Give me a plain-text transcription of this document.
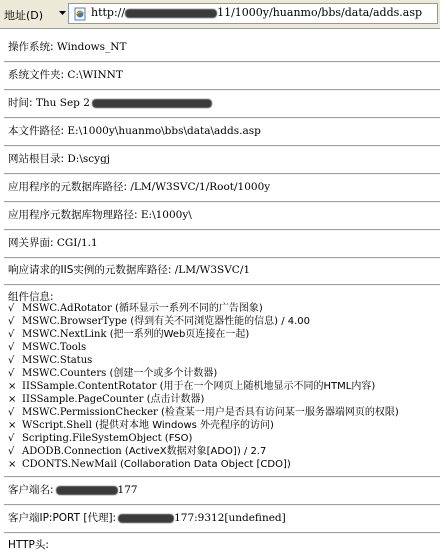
地址(D)	http://	11/1000y/huanmo/bbs/data/adds.asp
操作系统: Windows_NT
系统文件夹: C:\WINNT
时间: Thu Sep 2
本文件路径: E:\1000y\huanmo\bbs\data\adds.asp
网站根目录: D:\scygj
应用程序的元数据库路径: /LM/W3SVC/1/Root/1000y
应用程序元数据库物理路径: E:\1000y\
网关界面: CGI/1.1
响应请求的IIS实例的元数据库路径: /LM/W3SVC/1
组件信息:
√ MSWC.AdRotator (循环显示一系列不同的广告图象)
√ MSWC.BrowserType (得到有关不同浏览器性能的信息) / 4.00
√ MSWC.NextLink (把一系列的Web页连接在一起)
√ MSWC.Tools
√ MSWC.Status
√ MSWC.Counters (创建一个或多个计数器)
× IISSample.ContentRotator (用于在一个网页上随机地显示不同的HTML内容)
× IISSample.PageCounter (点击计数器)
√ MSWC.PermissionChecker (检查某一用户是否具有访问某一服务器端网页的权限)
× WScript.Shell (提供对本地 Windows 外壳程序的访问)
√ Scripting.FileSystemObject (FSO)
√ ADODB.Connection (ActiveX数据对象[ADO]) / 2.7
× CDONTS.NewMail (Collaboration Data Object [CDO])
客户端名:	177
客户端IP:PORT [代理]:	177:9312[undefined]
HTTP头:
